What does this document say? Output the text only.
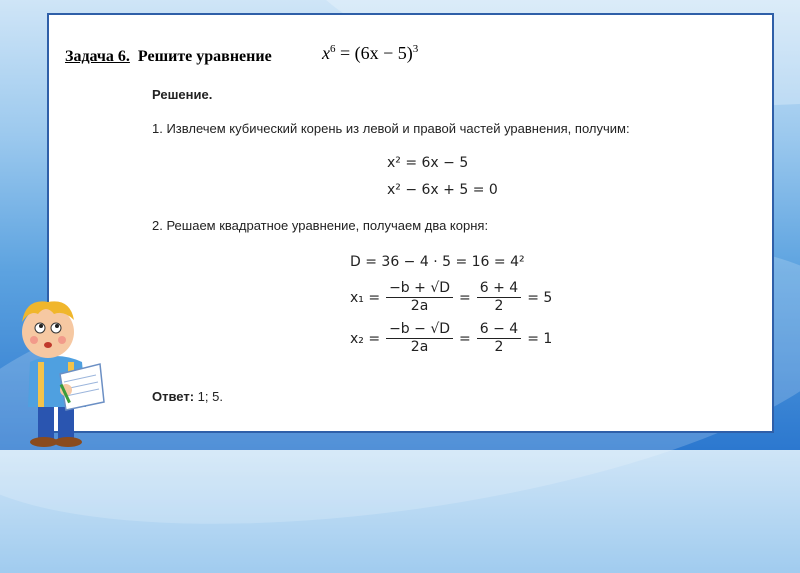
Задача 6. Решите уравнение	$x^6 = (6x - 5)^3$
Решение.
1. Извлечем кубический корень из левой и правой частей уравнения, получим:
x² = 6x − 5
x² − 6x + 5 = 0
2. Решаем квадратное уравнение, получаем два корня:
D = 36 − 4 · 5 = 16 = 4²
$x_1 = \frac{-b + √D}{2a} = \frac{6 + 4}{2} = 5$
$x_2 = \frac{-b - √D}{2a} = \frac{6 - 4}{2} = 1$
Ответ: 1; 5.
